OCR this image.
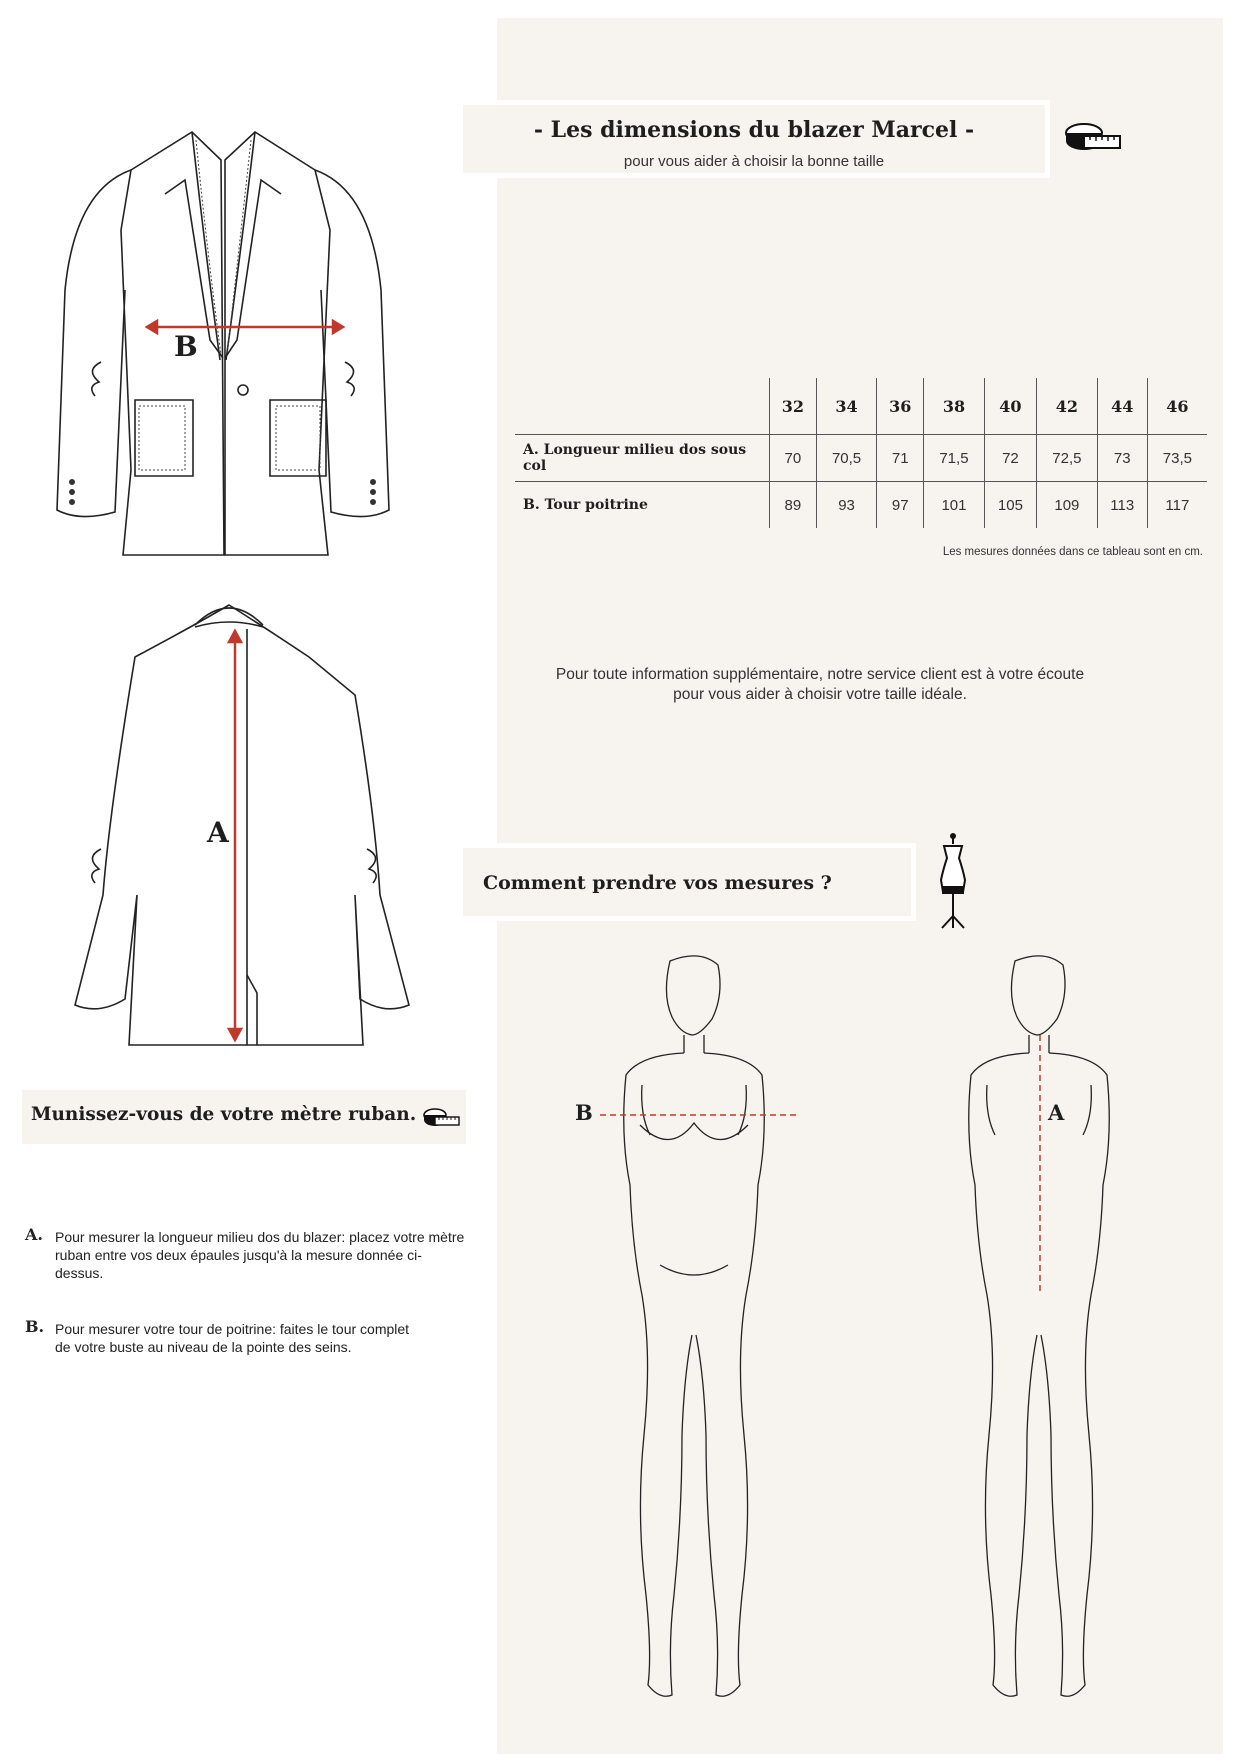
- Les dimensions du blazer Marcel -
pour vous aider à choisir la bonne taille
	32	34	36	38	40	42	44	46
A. Longueur milieu dos sous col	70	70,5	71	71,5	72	72,5	73	73,5
B. Tour poitrine	89	93	97	101	105	109	113	117
Les mesures données dans ce tableau sont en cm.
Pour toute information supplémentaire, notre service client est à votre écoute
pour vous aider à choisir votre taille idéale.
Comment prendre vos mesures ?
Munissez-vous de votre mètre ruban.
A. Pour mesurer la longueur milieu dos du blazer: placez votre mètre ruban entre vos deux épaules jusqu'à la mesure donnée ci-dessus.
B. Pour mesurer votre tour de poitrine: faites le tour complet de votre buste au niveau de la pointe des seins.
B
A
B	A
